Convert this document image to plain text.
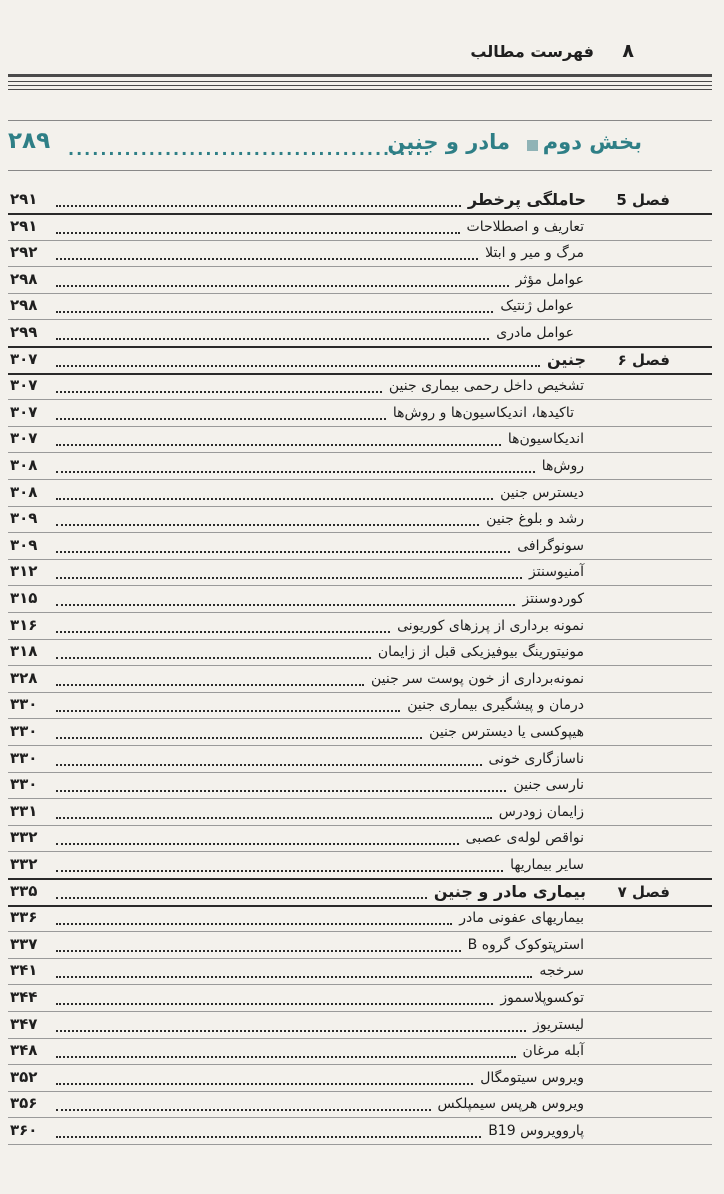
۸
فهرست مطالب
بخش دوم
مادر و جنین
.............................................
۲۸۹
فصل 5
حاملگی پرخطر
۲۹۱
تعاریف و اصطلاحات
۲۹۱
مرگ و میر و ابتلا
۲۹۲
عوامل مؤثر
۲۹۸
عوامل ژنتیک
۲۹۸
عوامل مادری
۲۹۹
فصل ۶
جنین
۳۰۷
تشخیص داخل رحمی بیماری جنین
۳۰۷
تاکیدها، اندیکاسیون‌ها و روش‌ها
۳۰۷
اندیکاسیون‌ها
۳۰۷
روش‌ها
۳۰۸
دیسترس جنین
۳۰۸
رشد و بلوغ جنین
۳۰۹
سونوگرافی
۳۰۹
آمنیوسنتز
۳۱۲
کوردوسنتز
۳۱۵
نمونه برداری از پرزهای کوریونی
۳۱۶
مونیتورینگ بیوفیزیکی قبل از زایمان
۳۱۸
نمونه‌برداری از خون پوست سر جنین
۳۲۸
درمان و پیشگیری بیماری جنین
۳۳۰
هیپوکسی یا دیسترس جنین
۳۳۰
ناسازگاری خونی
۳۳۰
نارسی جنین
۳۳۰
زایمان زودرس
۳۳۱
نواقص لوله‌ی عصبی
۳۳۲
سایر بیماریها
۳۳۲
فصل ۷
بیماری مادر و جنین
۳۳۵
بیماریهای عفونی مادر
۳۳۶
استرپتوکوک گروه B
۳۳۷
سرخجه
۳۴۱
توکسوپلاسموز
۳۴۴
لیستریوز
۳۴۷
آبله مرغان
۳۴۸
ویروس سیتومگال
۳۵۲
ویروس هرپس سیمپلکس
۳۵۶
پاروویروس B19
۳۶۰
